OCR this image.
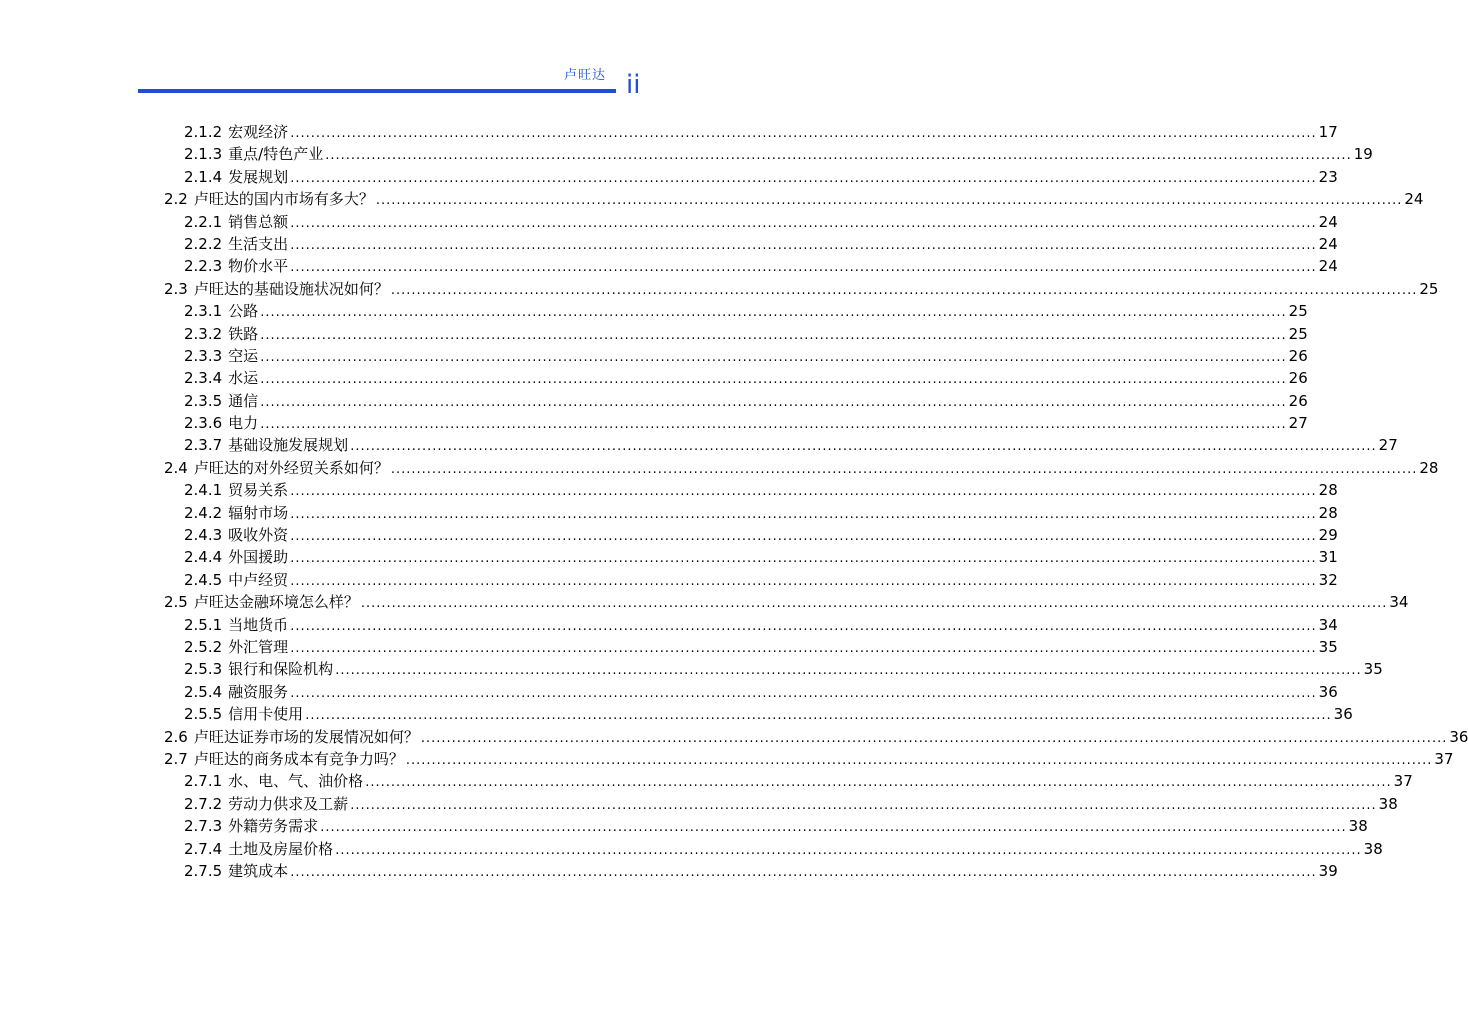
卢旺达 ii
2.1.2 宏观经济 ........................................................................................................................................................................................................ 17
2.1.3 重点/特色产业 ........................................................................................................................................................................................................ 19
2.1.4 发展规划 ........................................................................................................................................................................................................ 23
2.2 卢旺达的国内市场有多大？ ........................................................................................................................................................................................................ 24
2.2.1 销售总额 ........................................................................................................................................................................................................ 24
2.2.2 生活支出 ........................................................................................................................................................................................................ 24
2.2.3 物价水平 ........................................................................................................................................................................................................ 24
2.3 卢旺达的基础设施状况如何？ ........................................................................................................................................................................................................ 25
2.3.1 公路 ........................................................................................................................................................................................................ 25
2.3.2 铁路 ........................................................................................................................................................................................................ 25
2.3.3 空运 ........................................................................................................................................................................................................ 26
2.3.4 水运 ........................................................................................................................................................................................................ 26
2.3.5 通信 ........................................................................................................................................................................................................ 26
2.3.6 电力 ........................................................................................................................................................................................................ 27
2.3.7 基础设施发展规划 ........................................................................................................................................................................................................ 27
2.4 卢旺达的对外经贸关系如何？ ........................................................................................................................................................................................................ 28
2.4.1 贸易关系 ........................................................................................................................................................................................................ 28
2.4.2 辐射市场 ........................................................................................................................................................................................................ 28
2.4.3 吸收外资 ........................................................................................................................................................................................................ 29
2.4.4 外国援助 ........................................................................................................................................................................................................ 31
2.4.5 中卢经贸 ........................................................................................................................................................................................................ 32
2.5 卢旺达金融环境怎么样？ ........................................................................................................................................................................................................ 34
2.5.1 当地货币 ........................................................................................................................................................................................................ 34
2.5.2 外汇管理 ........................................................................................................................................................................................................ 35
2.5.3 银行和保险机构 ........................................................................................................................................................................................................ 35
2.5.4 融资服务 ........................................................................................................................................................................................................ 36
2.5.5 信用卡使用 ........................................................................................................................................................................................................ 36
2.6 卢旺达证券市场的发展情况如何？ ........................................................................................................................................................................................................ 36
2.7 卢旺达的商务成本有竞争力吗？ ........................................................................................................................................................................................................ 37
2.7.1 水、电、气、油价格 ........................................................................................................................................................................................................ 37
2.7.2 劳动力供求及工薪 ........................................................................................................................................................................................................ 38
2.7.3 外籍劳务需求 ........................................................................................................................................................................................................ 38
2.7.4 土地及房屋价格 ........................................................................................................................................................................................................ 38
2.7.5 建筑成本 ........................................................................................................................................................................................................ 39
